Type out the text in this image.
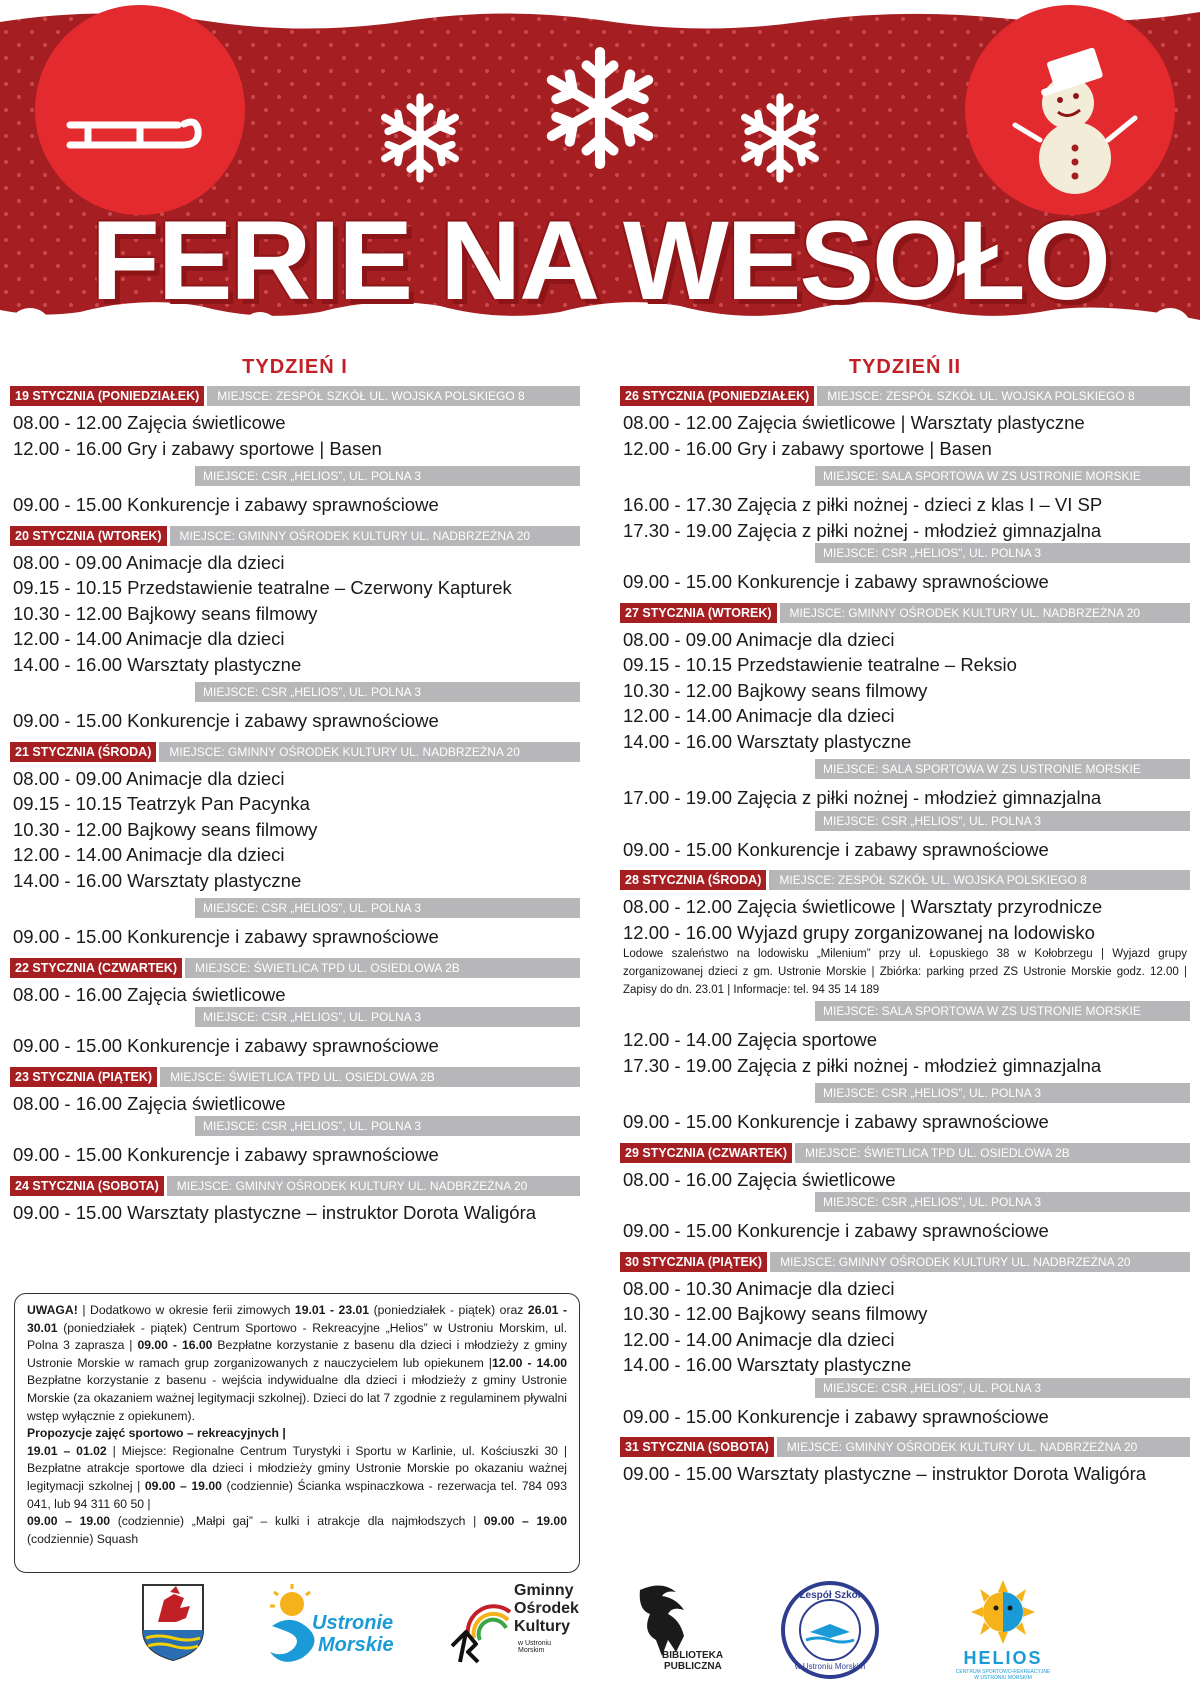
FERIE NA WESOŁO
TYDZIEŃ I
19 STYCZNIA (PONIEDZIAŁEK)	MIEJSCE: ZESPÓŁ SZKÓŁ UL. WOJSKA POLSKIEGO 8
08.00 - 12.00 Zajęcia świetlicowe
12.00 - 16.00 Gry i zabawy sportowe | Basen
MIEJSCE: CSR „HELIOS”, UL. POLNA 3
09.00 - 15.00 Konkurencje i zabawy sprawnościowe
20 STYCZNIA (WTOREK)	MIEJSCE: GMINNY OŚRODEK KULTURY UL. NADBRZEŻNA 20
08.00 - 09.00 Animacje dla dzieci
09.15 - 10.15 Przedstawienie teatralne – Czerwony Kapturek
10.30 - 12.00 Bajkowy seans filmowy
12.00 - 14.00 Animacje dla dzieci
14.00 - 16.00 Warsztaty plastyczne
MIEJSCE: CSR „HELIOS”, UL. POLNA 3
09.00 - 15.00 Konkurencje i zabawy sprawnościowe
21 STYCZNIA (ŚRODA)	MIEJSCE: GMINNY OŚRODEK KULTURY UL. NADBRZEŻNA 20
08.00 - 09.00 Animacje dla dzieci
09.15 - 10.15 Teatrzyk Pan Pacynka
10.30 - 12.00 Bajkowy seans filmowy
12.00 - 14.00 Animacje dla dzieci
14.00 - 16.00 Warsztaty plastyczne
MIEJSCE: CSR „HELIOS”, UL. POLNA 3
09.00 - 15.00 Konkurencje i zabawy sprawnościowe
22 STYCZNIA (CZWARTEK)	MIEJSCE: ŚWIETLICA TPD UL. OSIEDLOWA 2B
08.00 - 16.00 Zajęcia świetlicowe
MIEJSCE: CSR „HELIOS”, UL. POLNA 3
09.00 - 15.00 Konkurencje i zabawy sprawnościowe
23 STYCZNIA (PIĄTEK)	MIEJSCE: ŚWIETLICA TPD UL. OSIEDLOWA 2B
08.00 - 16.00 Zajęcia świetlicowe
MIEJSCE: CSR „HELIOS”, UL. POLNA 3
09.00 - 15.00 Konkurencje i zabawy sprawnościowe
24 STYCZNIA (SOBOTA)	MIEJSCE: GMINNY OŚRODEK KULTURY UL. NADBRZEŻNA 20
09.00 - 15.00 Warsztaty plastyczne – instruktor Dorota Waligóra

UWAGA! | Dodatkowo w okresie ferii zimowych 19.01 - 23.01 (poniedziałek - piątek) oraz 26.01 - 30.01 (poniedziałek - piątek) Centrum Sportowo - Rekreacyjne „Helios” w Ustroniu Morskim, ul. Polna 3 zaprasza | 09.00 - 16.00 Bezpłatne korzystanie z basenu dla dzieci i młodzieży z gminy Ustronie Morskie w ramach grup zorganizowanych z nauczycielem lub opiekunem |12.00 - 14.00 Bezpłatne korzystanie z basenu - wejścia indywidualne dla dzieci i młodzieży z gminy Ustronie Morskie (za okazaniem ważnej legitymacji szkolnej). Dzieci do lat 7 zgodnie z regulaminem pływalni wstęp wyłącznie z opiekunem).

Propozycje zajęć sportowo – rekreacyjnych |

19.01 – 01.02 | Miejsce: Regionalne Centrum Turystyki i Sportu w Karlinie, ul. Kościuszki 30 | Bezpłatne atrakcje sportowe dla dzieci i młodzieży gminy Ustronie Morskie po okazaniu ważnej legitymacji szkolnej | 09.00 – 19.00 (codziennie) Ścianka wspinaczkowa - rezerwacja tel. 784 093 041, lub 94 311 60 50 |

09.00 – 19.00 (codziennie) „Małpi gaj” – kulki i atrakcje dla najmłodszych | 09.00 – 19.00 (codziennie) Squash

TYDZIEŃ II
26 STYCZNIA (PONIEDZIAŁEK)	MIEJSCE: ZESPÓŁ SZKÓŁ UL. WOJSKA POLSKIEGO 8
08.00 - 12.00 Zajęcia świetlicowe | Warsztaty plastyczne
12.00 - 16.00 Gry i zabawy sportowe | Basen
MIEJSCE: SALA SPORTOWA W ZS USTRONIE MORSKIE
16.00 - 17.30 Zajęcia z piłki nożnej - dzieci z klas I – VI SP
17.30 - 19.00 Zajęcia z piłki nożnej - młodzież gimnazjalna
MIEJSCE: CSR „HELIOS”, UL. POLNA 3
09.00 - 15.00 Konkurencje i zabawy sprawnościowe
27 STYCZNIA (WTOREK)	MIEJSCE: GMINNY OŚRODEK KULTURY UL. NADBRZEŻNA 20
08.00 - 09.00 Animacje dla dzieci
09.15 - 10.15 Przedstawienie teatralne – Reksio
10.30 - 12.00 Bajkowy seans filmowy
12.00 - 14.00 Animacje dla dzieci
14.00 - 16.00 Warsztaty plastyczne
MIEJSCE: SALA SPORTOWA W ZS USTRONIE MORSKIE
17.00 - 19.00 Zajęcia z piłki nożnej - młodzież gimnazjalna
MIEJSCE: CSR „HELIOS”, UL. POLNA 3
09.00 - 15.00 Konkurencje i zabawy sprawnościowe
28 STYCZNIA (ŚRODA)	MIEJSCE: ZESPÓŁ SZKÓŁ UL. WOJSKA POLSKIEGO 8
08.00 - 12.00 Zajęcia świetlicowe | Warsztaty przyrodnicze
12.00 - 16.00 Wyjazd grupy zorganizowanej na lodowisko
Lodowe szaleństwo na lodowisku „Milenium” przy ul. Łopuskiego 38 w Kołobrzegu | Wyjazd grupy zorganizowanej dzieci z gm. Ustronie Morskie | Zbiórka: parking przed ZS Ustronie Morskie godz. 12.00 | Zapisy do dn. 23.01 | Informacje: tel. 94 35 14 189
MIEJSCE: SALA SPORTOWA W ZS USTRONIE MORSKIE
12.00 - 14.00 Zajęcia sportowe
17.30 - 19.00 Zajęcia z piłki nożnej - młodzież gimnazjalna
MIEJSCE: CSR „HELIOS”, UL. POLNA 3
09.00 - 15.00 Konkurencje i zabawy sprawnościowe
29 STYCZNIA (CZWARTEK)	MIEJSCE: ŚWIETLICA TPD UL. OSIEDLOWA 2B
08.00 - 16.00 Zajęcia świetlicowe
MIEJSCE: CSR „HELIOS”, UL. POLNA 3
09.00 - 15.00 Konkurencje i zabawy sprawnościowe
30 STYCZNIA (PIĄTEK)	MIEJSCE: GMINNY OŚRODEK KULTURY UL. NADBRZEŻNA 20
08.00 - 10.30 Animacje dla dzieci
10.30 - 12.00 Bajkowy seans filmowy
12.00 - 14.00 Animacje dla dzieci
14.00 - 16.00 Warsztaty plastyczne
MIEJSCE: CSR „HELIOS”, UL. POLNA 3
09.00 - 15.00 Konkurencje i zabawy sprawnościowe
31 STYCZNIA (SOBOTA)	MIEJSCE: GMINNY OŚRODEK KULTURY UL. NADBRZEŻNA 20
09.00 - 15.00 Warsztaty plastyczne – instruktor Dorota Waligóra
Ustronie
Morskie
Gminny
Ośrodek
Kultury
w Ustroniu Morskim	BIBLIOTEKA
PUBLICZNA
Zespół Szkół
w Ustroniu Morskim	HELIOS
CENTRUM SPORTOWO-REKREACYJNE
W USTRONIU MORSKIM
